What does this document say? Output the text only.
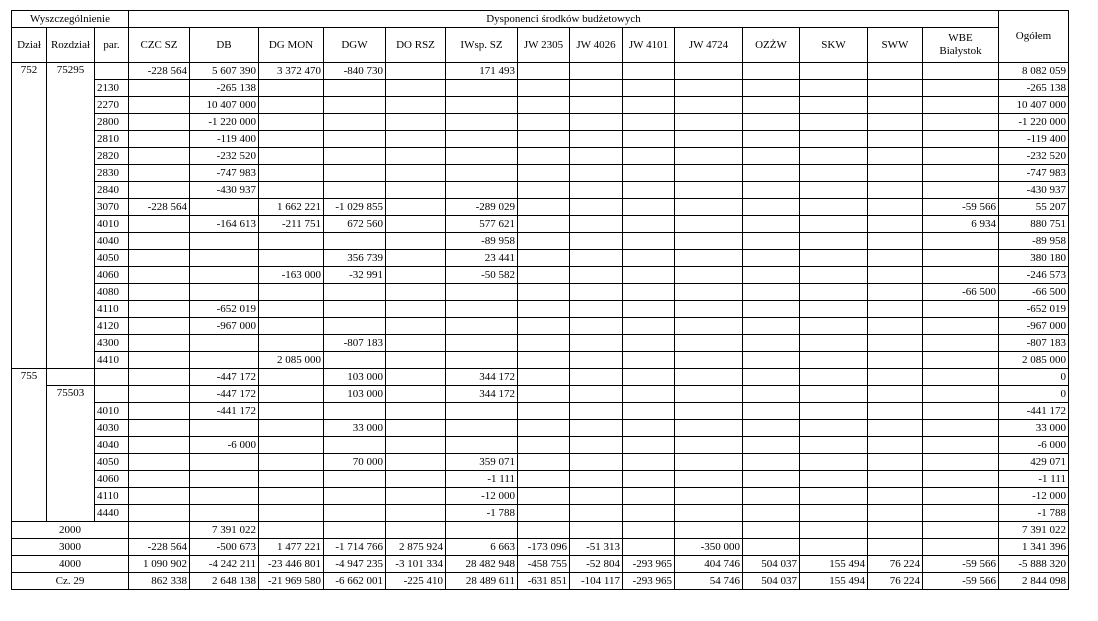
Wyszczególnienie			Dysponenci środków budżetowych														Ogółem
Dział	Rozdział	par.	CZC SZ	DB	DG MON	DGW	DO RSZ	IWsp. SZ	JW 2305	JW 4026	JW 4101	JW 4724	OZŻW	SKW	SWW	WBE
Białystok	
752	75295		-228 564	5 607 390	3 372 470	-840 730		171 493									8 082 059
		2130		-265 138													-265 138
		2270		10 407 000													10 407 000
		2800		-1 220 000													-1 220 000
		2810		-119 400													-119 400
		2820		-232 520													-232 520
		2830		-747 983													-747 983
		2840		-430 937													-430 937
		3070	-228 564		1 662 221	-1 029 855		-289 029								-59 566	55 207
		4010		-164 613	-211 751	672 560		577 621								6 934	880 751
		4040						-89 958									-89 958
		4050				356 739		23 441									380 180
		4060			-163 000	-32 991		-50 582									-246 573
		4080														-66 500	-66 500
		4110		-652 019													-652 019
		4120		-967 000													-967 000
		4300				-807 183											-807 183
		4410			2 085 000												2 085 000
755				-447 172		103 000		344 172									0
	75503			-447 172		103 000		344 172									0
		4010		-441 172													-441 172
		4030				33 000											33 000
		4040		-6 000													-6 000
		4050				70 000		359 071									429 071
		4060						-1 111									-1 111
		4110						-12 000									-12 000
		4440						-1 788									-1 788
2000				7 391 022													7 391 022
3000			-228 564	-500 673	1 477 221	-1 714 766	2 875 924	6 663	-173 096	-51 313		-350 000					1 341 396
4000			1 090 902	-4 242 211	-23 446 801	-4 947 235	-3 101 334	28 482 948	-458 755	-52 804	-293 965	404 746	504 037	155 494	76 224	-59 566	-5 888 320
Cz. 29			862 338	2 648 138	-21 969 580	-6 662 001	-225 410	28 489 611	-631 851	-104 117	-293 965	54 746	504 037	155 494	76 224	-59 566	2 844 098
